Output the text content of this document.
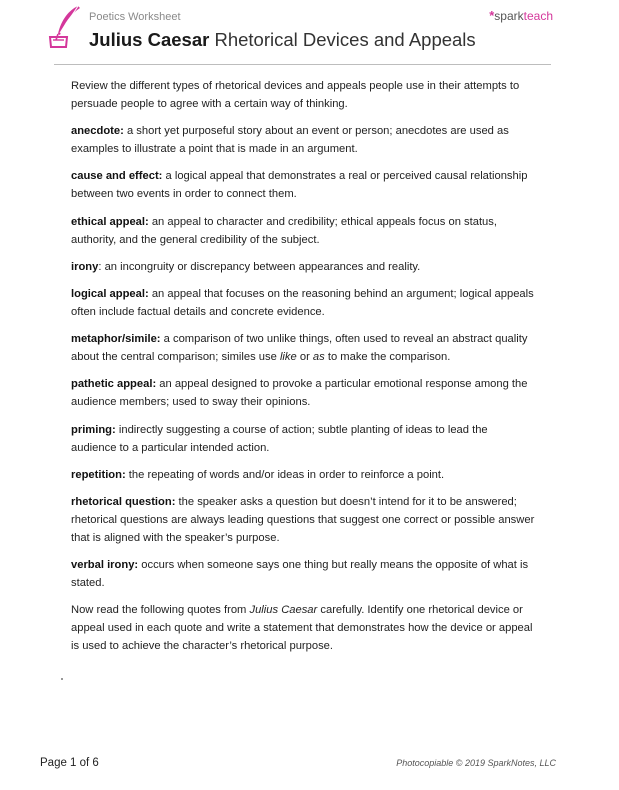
Poetics Worksheet
Julius Caesar Rhetorical Devices and Appeals
*sparkteach

Review the different types of rhetorical devices and appeals people use in their attempts to persuade people to agree with a certain way of thinking.

anecdote: a short yet purposeful story about an event or person; anecdotes are used as examples to illustrate a point that is made in an argument.

cause and effect: a logical appeal that demonstrates a real or perceived causal relationship between two events in order to connect them.

ethical appeal: an appeal to character and credibility; ethical appeals focus on status, authority, and the general credibility of the subject.

irony: an incongruity or discrepancy between appearances and reality.

logical appeal: an appeal that focuses on the reasoning behind an argument; logical appeals often include factual details and concrete evidence.

metaphor/simile: a comparison of two unlike things, often used to reveal an abstract quality about the central comparison; similes use like or as to make the comparison.

pathetic appeal: an appeal designed to provoke a particular emotional response among the audience members; used to sway their opinions.

priming: indirectly suggesting a course of action; subtle planting of ideas to lead the audience to a particular intended action.

repetition: the repeating of words and/or ideas in order to reinforce a point.

rhetorical question: the speaker asks a question but doesn’t intend for it to be answered; rhetorical questions are always leading questions that suggest one correct or possible answer that is aligned with the speaker’s purpose.

verbal irony: occurs when someone says one thing but really means the opposite of what is stated.

Now read the following quotes from Julius Caesar carefully. Identify one rhetorical device or appeal used in each quote and write a statement that demonstrates how the device or appeal is used to achieve the character’s rhetorical purpose.

Page 1 of 6	Photocopiable © 2019 SparkNotes, LLC
